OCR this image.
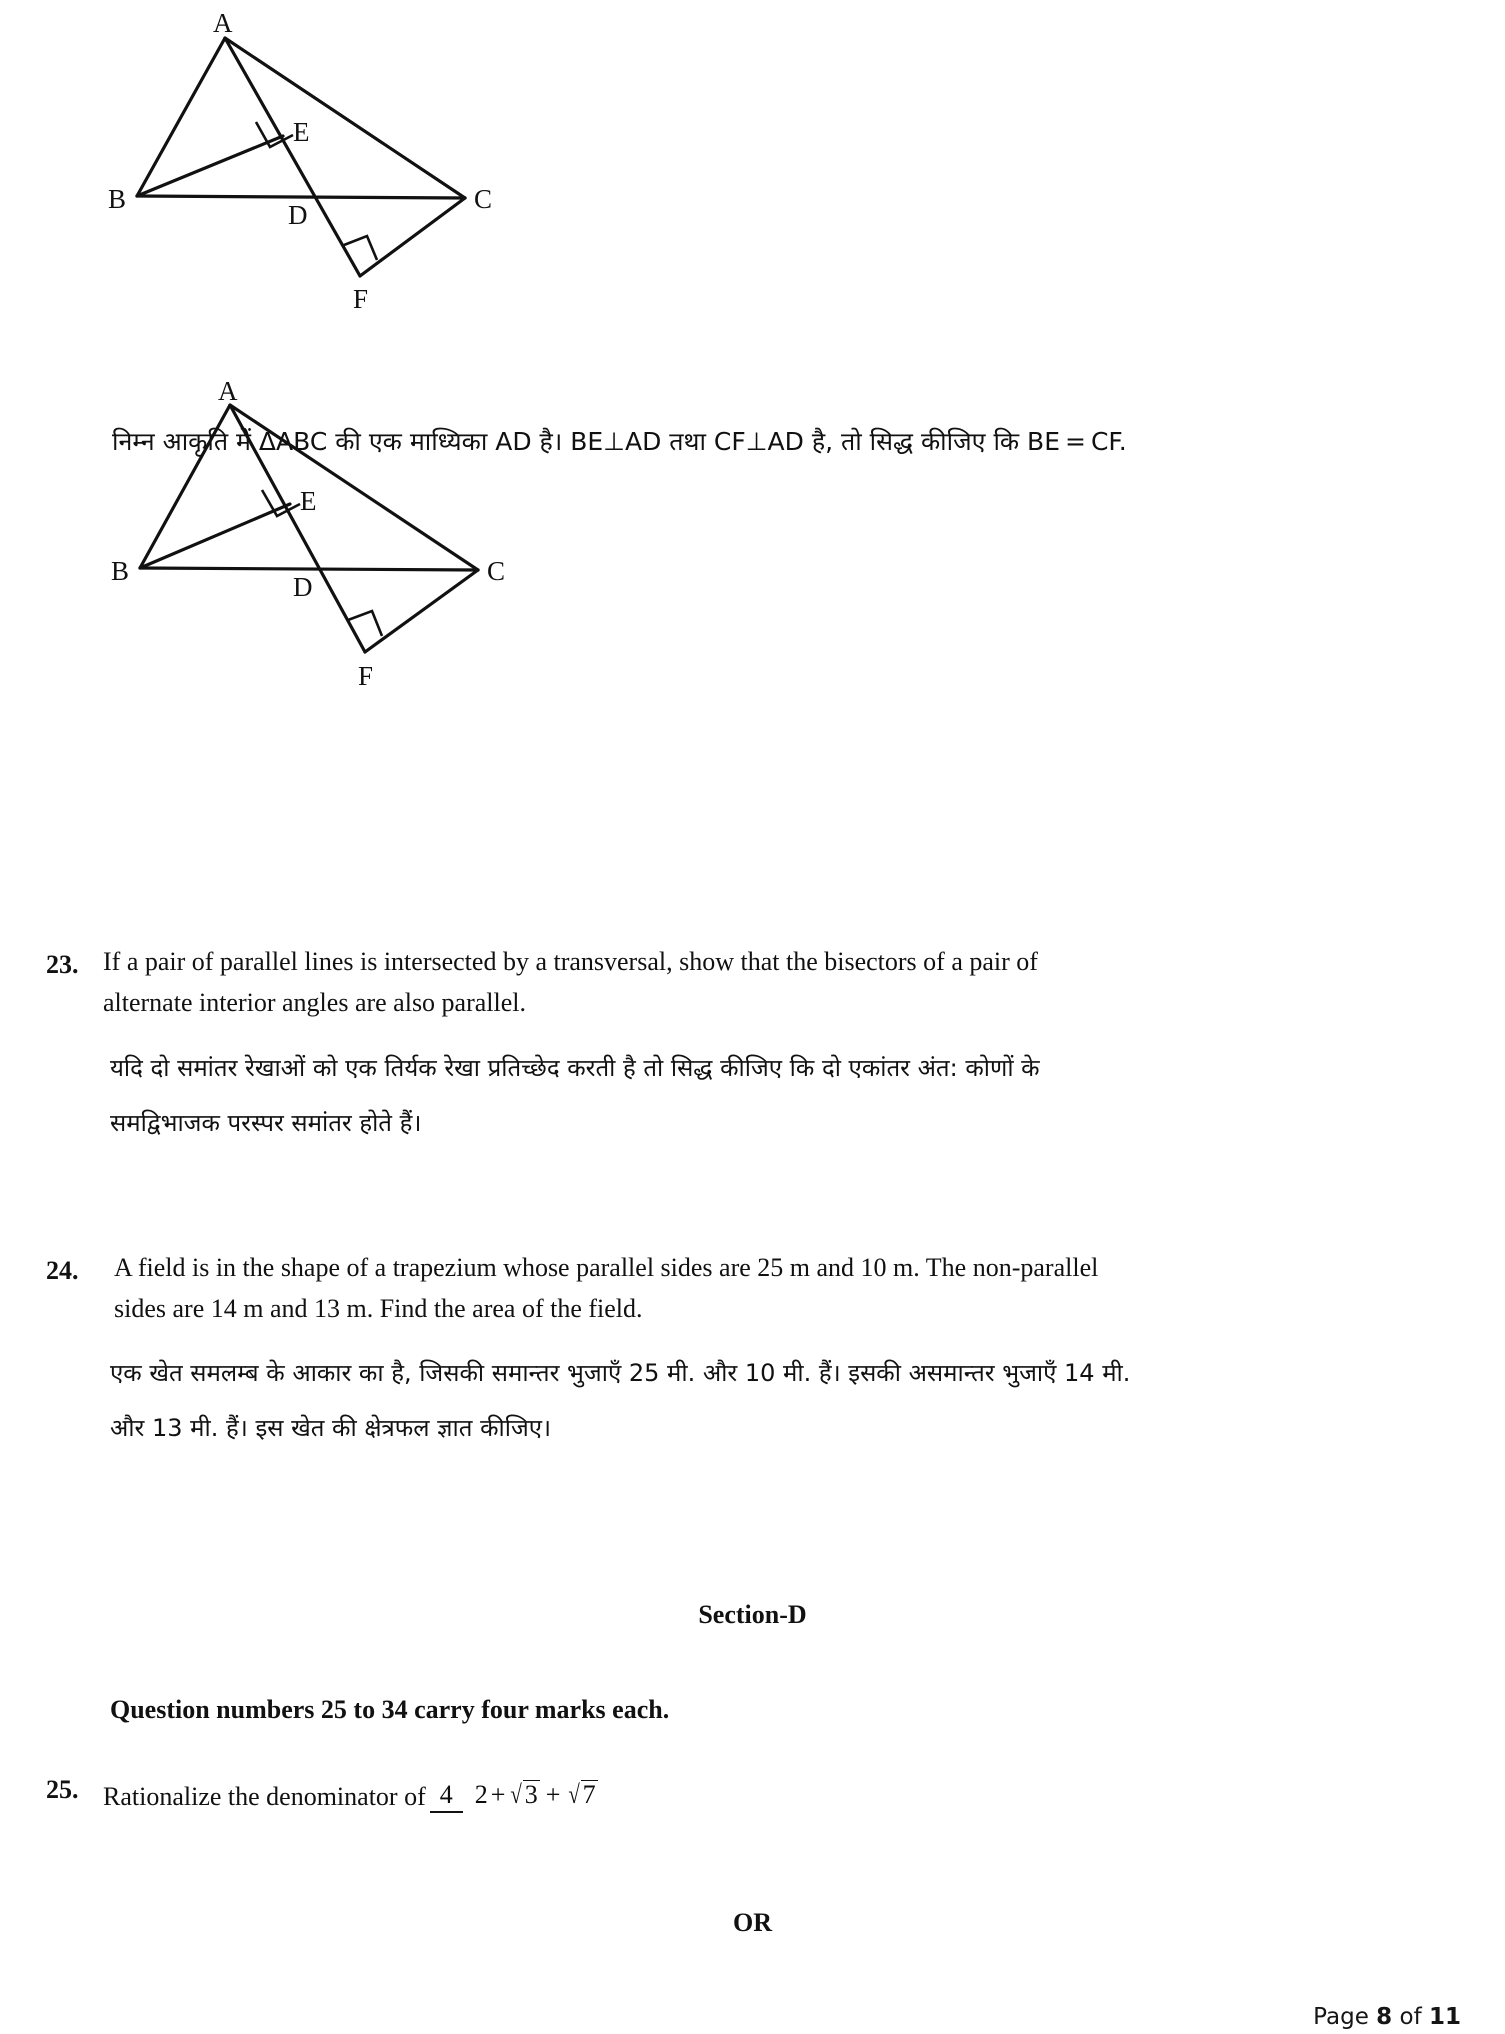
A
E
B
D
C
F
निम्न आकृति में ΔABC की एक माध्यिका AD है। BE⊥AD तथा CF⊥AD है, तो सिद्ध कीजिए कि BE = CF.
A
E
B
D
C
F
23. If a pair of parallel lines is intersected by a transversal, show that the bisectors of a pair of
alternate interior angles are also parallel.
यदि दो समांतर रेखाओं को एक तिर्यक रेखा प्रतिच्छेद करती है तो सिद्ध कीजिए कि दो एकांतर अंत: कोणों के
समद्विभाजक परस्पर समांतर होते हैं।
24. A field is in the shape of a trapezium whose parallel sides are 25 m and 10 m. The non-parallel
sides are 14 m and 13 m. Find the area of the field.
एक खेत समलम्ब के आकार का है, जिसकी समान्तर भुजाएँ 25 मी. और 10 मी. हैं। इसकी असमान्तर भुजाएँ 14 मी.
और 13 मी. हैं। इस खेत की क्षेत्रफल ज्ञात कीजिए।
Section-D
Question numbers 25 to 34 carry four marks each.
25. Rationalize the denominator of 4 2 + √3 + √7
OR
Page 8 of 11
